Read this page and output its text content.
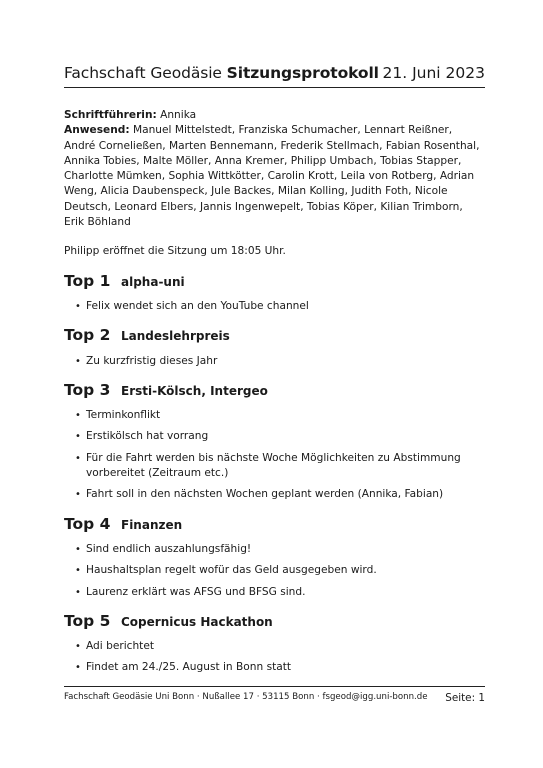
Fachschaft Geodäsie Sitzungsprotokoll 21. Juni 2023

Schriftführerin: Annika

Anwesend: Manuel Mittelstedt, Franziska Schumacher, Lennart Reißner, André Corneließen, Marten Bennemann, Frederik Stellmach, Fabian Rosenthal, Annika Tobies, Malte Möller, Anna Kremer, Philipp Umbach, Tobias Stapper, Charlotte Mümken, Sophia Wittkötter, Carolin Krott, Leila von Rotberg, Adrian Weng, Alicia Daubenspeck, Jule Backes, Milan Kolling, Judith Foth, Nicole Deutsch, Leonard Elbers, Jannis Ingenwepelt, Tobias Köper, Kilian Trimborn, Erik Böhland

Philipp eröffnet die Sitzung um 18:05 Uhr.

Top 1 alpha-uni
• Felix wendet sich an den YouTube channel
Top 2 Landeslehrpreis
• Zu kurzfristig dieses Jahr
Top 3 Ersti-Kölsch, Intergeo
• Terminkonflikt
• Erstikölsch hat vorrang
• Für die Fahrt werden bis nächste Woche Möglichkeiten zu Abstimmung vorbereitet (Zeitraum etc.)
• Fahrt soll in den nächsten Wochen geplant werden (Annika, Fabian)
Top 4 Finanzen
• Sind endlich auszahlungsfähig!
• Haushaltsplan regelt wofür das Geld ausgegeben wird.
• Laurenz erklärt was AFSG und BFSG sind.
Top 5 Copernicus Hackathon
• Adi berichtet
• Findet am 24./25. August in Bonn statt
Fachschaft Geodäsie Uni Bonn · Nußallee 17 · 53115 Bonn · fsgeod@igg.uni-bonn.de Seite: 1
